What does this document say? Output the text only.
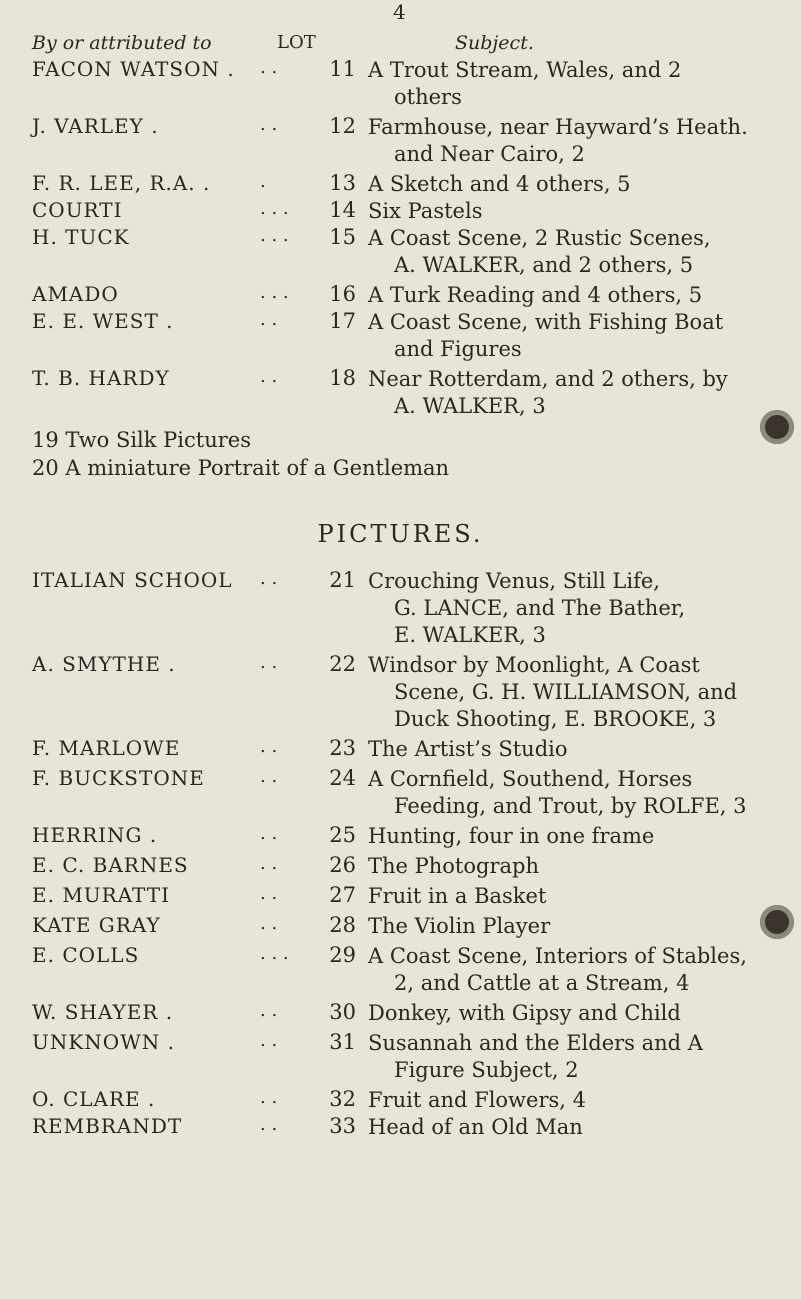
4
By or attributed to	LOT	Subject.
FACON WATSON . . .	11 A Trout Stream, Wales, and 2
others
J. VARLEY .	. .	12 Farmhouse, near Hayward’s Heath.
and Near Cairo, 2
F. R. LEE, R.A. .	.	13 A Sketch and 4 others, 5
COURTI	. . .	14 Six Pastels
H. TUCK	. . .	15 A Coast Scene, 2 Rustic Scenes,
A. WALKER, and 2 others, 5
AMADO	. . .	16 A Turk Reading and 4 others, 5
E. E. WEST .	. .	17 A Coast Scene, with Fishing Boat
and Figures
T. B. HARDY	. .	18 Near Rotterdam, and 2 others, by
A. WALKER, 3
19 Two Silk Pictures
20 A miniature Portrait of a Gentleman
PICTURES.
ITALIAN SCHOOL . .	21 Crouching Venus, Still Life,
G. LANCE, and The Bather,
E. WALKER, 3
A. SMYTHE .	. .	22 Windsor by Moonlight, A Coast
Scene, G. H. WILLIAMSON, and
Duck Shooting, E. BROOKE, 3
F. MARLOWE	. .	23 The Artist’s Studio
F. BUCKSTONE	. .	24 A Cornfield, Southend, Horses
Feeding, and Trout, by ROLFE, 3
HERRING .	. .	25 Hunting, four in one frame
E. C. BARNES	. .	26 The Photograph
E. MURATTI	. .	27 Fruit in a Basket
KATE GRAY	. .	28 The Violin Player
E. COLLS	. . .	29 A Coast Scene, Interiors of Stables,
2, and Cattle at a Stream, 4
W. SHAYER .	. .	30 Donkey, with Gipsy and Child
UNKNOWN .	. .	31 Susannah and the Elders and A
Figure Subject, 2
O. CLARE .	. .	32 Fruit and Flowers, 4
REMBRANDT	. .	33 Head of an Old Man
